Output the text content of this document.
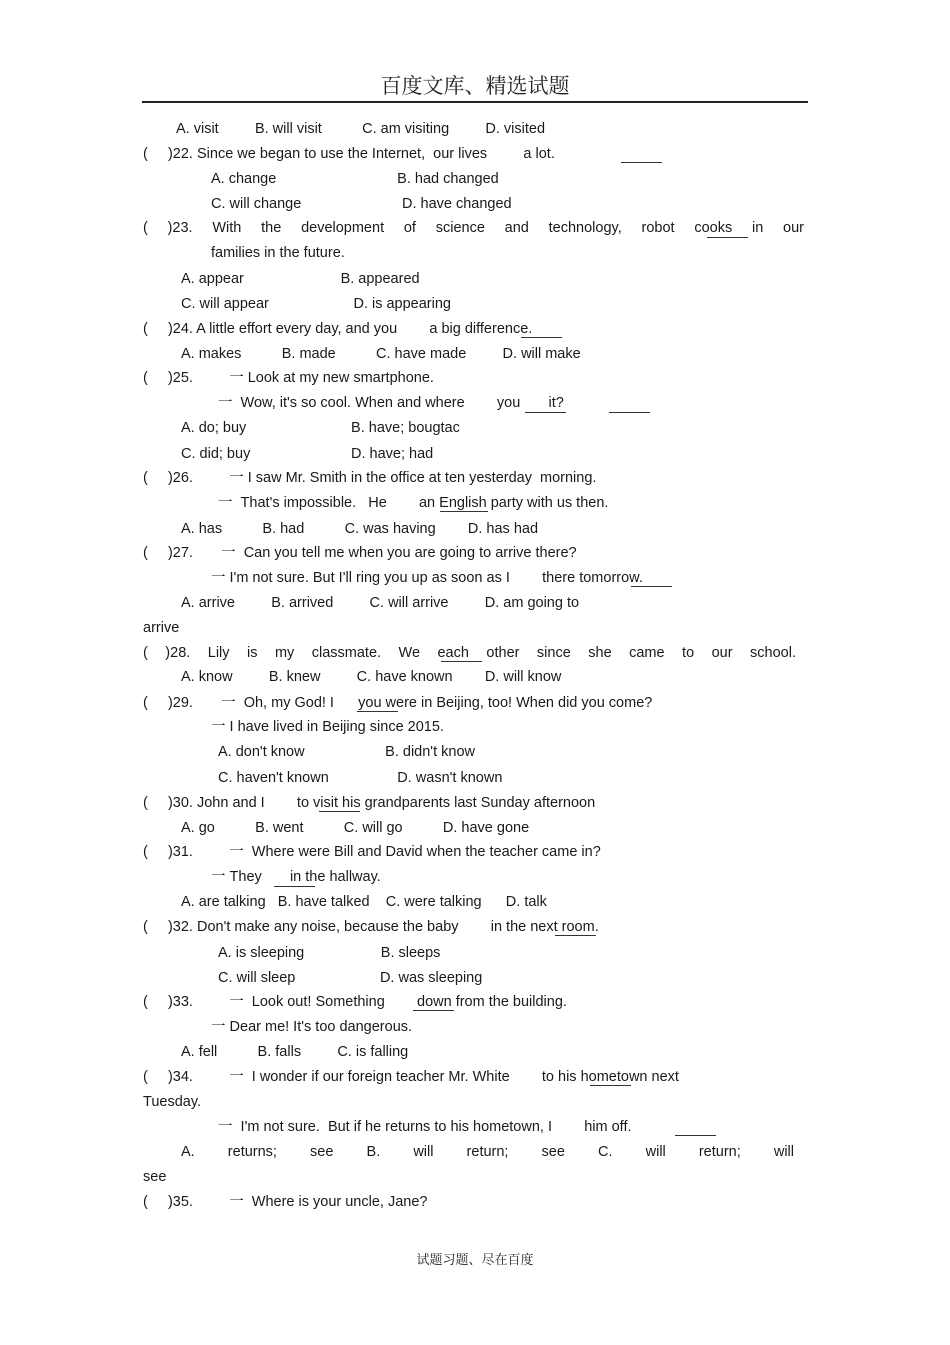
百度文库、精选试题
A. visit         B. will visit          C. am visiting         D. visited
(     )22. Since we began to use the Internet,  our lives         a lot.
A. change                              B. had changed
C. will change                         D. have changed
( )23. With the development of science and technology, robot cooks in our
families in the future.
A. appear                        B. appeared
C. will appear                     D. is appearing
(     )24. A little effort every day, and you        a big difference.
A. makes          B. made          C. have made         D. will make
(     )25.         一 Look at my new smartphone.
一  Wow, it's so cool. When and where        you       it?
A. do; buy                          B. have; bougtac
C. did; buy                         D. have; had
(     )26.         一 I saw Mr. Smith in the office at ten yesterday  morning.
一  That's impossible.   He        an English party with us then.
A. has          B. had          C. was having        D. has had
(     )27.       一  Can you tell me when you are going to arrive there?
一 I'm not sure. But I'll ring you up as soon as I        there tomorrow.
A. arrive         B. arrived         C. will arrive         D. am going to
arrive
( )28. Lily is my classmate. We each other since she came to our school.
A. know         B. knew         C. have known        D. will know
(     )29.       一  Oh, my God! I      you were in Beijing, too! When did you come?
一 I have lived in Beijing since 2015.
A. don't know                    B. didn't know
C. haven't known                 D. wasn't known
(     )30. John and I        to visit his grandparents last Sunday afternoon
A. go          B. went          C. will go          D. have gone
(     )31.         一  Where were Bill and David when the teacher came in?
一 They       in the hallway.
A. are talking   B. have talked    C. were talking      D. talk
(     )32. Don't make any noise, because the baby        in the next room.
A. is sleeping                   B. sleeps
C. will sleep                     D. was sleeping
(     )33.         一  Look out! Something        down from the building.
一 Dear me! It's too dangerous.
A. fell          B. falls         C. is falling
(     )34.         一  I wonder if our foreign teacher Mr. White        to his hometown next
Tuesday.
一  I'm not sure.  But if he returns to his hometown, I        him off.
A. returns; see B. will return; see C. will return; will
see
(     )35.         一  Where is your uncle, Jane?
试题习题、尽在百度
